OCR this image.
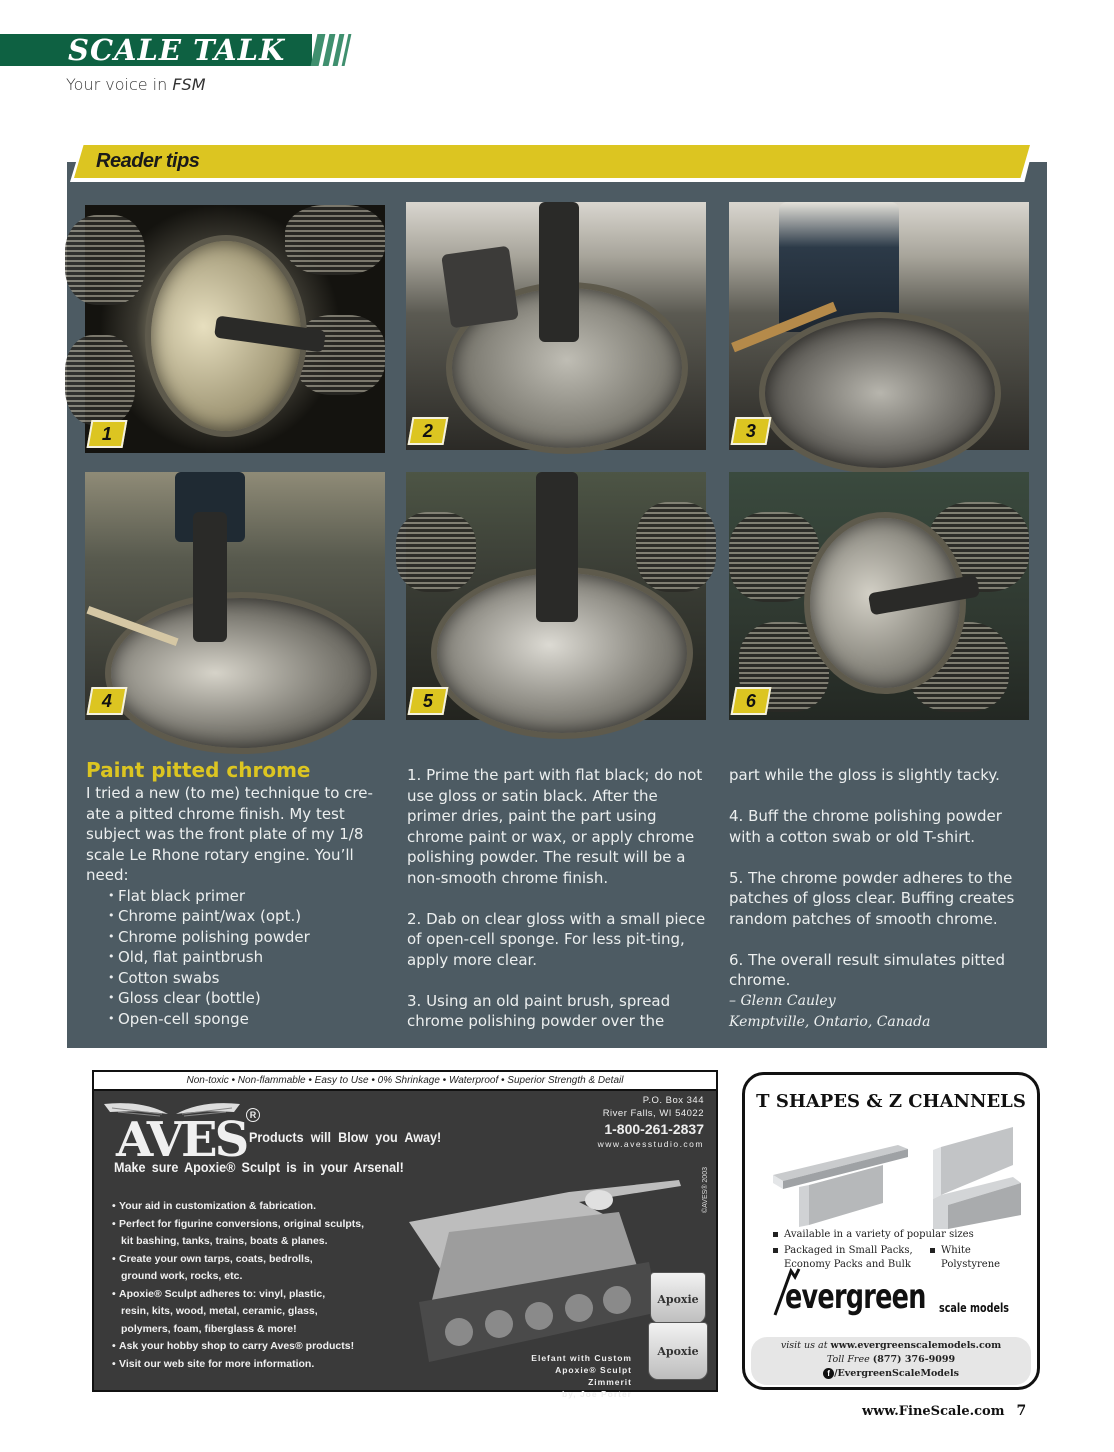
SCALE TALK
Your voice in FSM
Reader tips
1	2	3
4	5	6
Paint pitted chrome

I tried a new (to me) technique to cre-ate a pitted chrome finish. My test subject was the front plate of my 1/8 scale Le Rhone rotary engine. You’ll need:

• Flat black primer
• Chrome paint/wax (opt.)
• Chrome polishing powder
• Old, flat paintbrush
• Cotton swabs
• Gloss clear (bottle)
• Open-cell sponge

1. Prime the part with flat black; do not use gloss or satin black. After the primer dries, paint the part using chrome paint or wax, or apply chrome polishing powder. The result will be a non-smooth chrome finish.

2. Dab on clear gloss with a small piece of open-cell sponge. For less pit-ting, apply more clear.

3. Using an old paint brush, spread chrome polishing powder over the

part while the gloss is slightly tacky.

4. Buff the chrome polishing powder with a cotton swab or old T-shirt.

5. The chrome powder adheres to the patches of gloss clear. Buffing creates random patches of smooth chrome.

6. The overall result simulates pitted chrome.

– Glenn Cauley
Kemptville, Ontario, Canada
Non-toxic • Non-flammable • Easy to Use • 0% Shrinkage • Waterproof • Superior Strength & Detail
AVES R
Products will Blow you Away!
Make sure Apoxie® Sculpt is in your Arsenal!
P.O. Box 344
River Falls, WI 54022
1-800-261-2837
www.avesstudio.com
©AVES® 2003
Apoxie
Apoxie
• Your aid in customization & fabrication.
• Perfect for figurine conversions, original sculpts,
kit bashing, tanks, trains, boats & planes.
• Create your own tarps, coats, bedrolls,
ground work, rocks, etc.
• Apoxie® Sculpt adheres to: vinyl, plastic,
resin, kits, wood, metal, ceramic, glass,
polymers, foam, fiberglass & more!
• Ask your hobby shop to carry Aves® products!
• Visit our web site for more information.	Elefant with Custom
Apoxie® Sculpt Zimmerit
by, Joe Porter
T SHAPES & Z CHANNELS
Available in a variety of popular sizes
Packaged in Small Packs,
Economy Packs and Bulk
White
Polystyrene
evergreen scale models
visit us at www.evergreenscalemodels.com
Toll Free (877) 376-9099
f /EvergreenScaleModels
www.FineScale.com 7
